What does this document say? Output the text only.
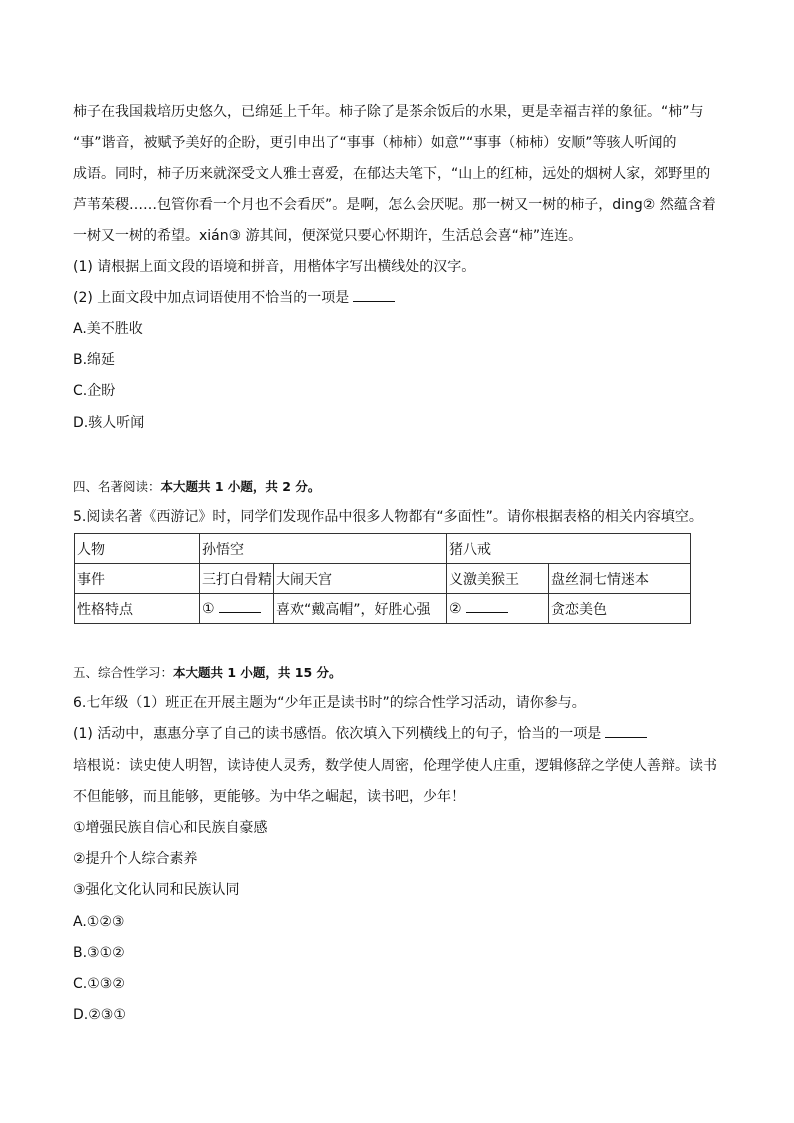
柿子在我国栽培历史悠久，已绵延上千年。柿子除了是茶余饭后的水果，更是幸福吉祥的象征。“柿”与
“事”谐音，被赋予美好的企盼，更引申出了“事事（柿柿）如意”“事事（柿柿）安顺”等骇人听闻的
成语。同时，柿子历来就深受文人雅士喜爱，在郁达夫笔下，“山上的红柿，远处的烟树人家，郊野里的
芦苇茱稷……包管你看一个月也不会看厌”。是啊，怎么会厌呢。那一树又一树的柿子，ding② 然蕴含着
一树又一树的希望。xián③ 游其间，便深觉只要心怀期许，生活总会喜“柿”连连。
(1) 请根据上面文段的语境和拼音，用楷体字写出横线处的汉字。
(2) 上面文段中加点词语使用不恰当的一项是
A.美不胜收
B.绵延
C.企盼
D.骇人听闻
四、名著阅读：本大题共 1 小题，共 2 分。
5.阅读名著《西游记》时，同学们发现作品中很多人物都有“多面性”。请你根据表格的相关内容填空。
人物	孙悟空		猪八戒	
事件	三打白骨精	大闹天宫	义激美猴王	盘丝洞七情迷本
性格特点	①	喜欢“戴高帽”，好胜心强	②	贪恋美色
五、综合性学习：本大题共 1 小题，共 15 分。
6.七年级（1）班正在开展主题为“少年正是读书时”的综合性学习活动，请你参与。
(1) 活动中，惠惠分享了自己的读书感悟。依次填入下列横线上的句子，恰当的一项是
培根说：读史使人明智，读诗使人灵秀，数学使人周密，伦理学使人庄重，逻辑修辞之学使人善辩。读书
不但能够，而且能够，更能够。为中华之崛起，读书吧，少年！
①增强民族自信心和民族自豪感
②提升个人综合素养
③强化文化认同和民族认同
A.①②③
B.③①②
C.①③②
D.②③①
